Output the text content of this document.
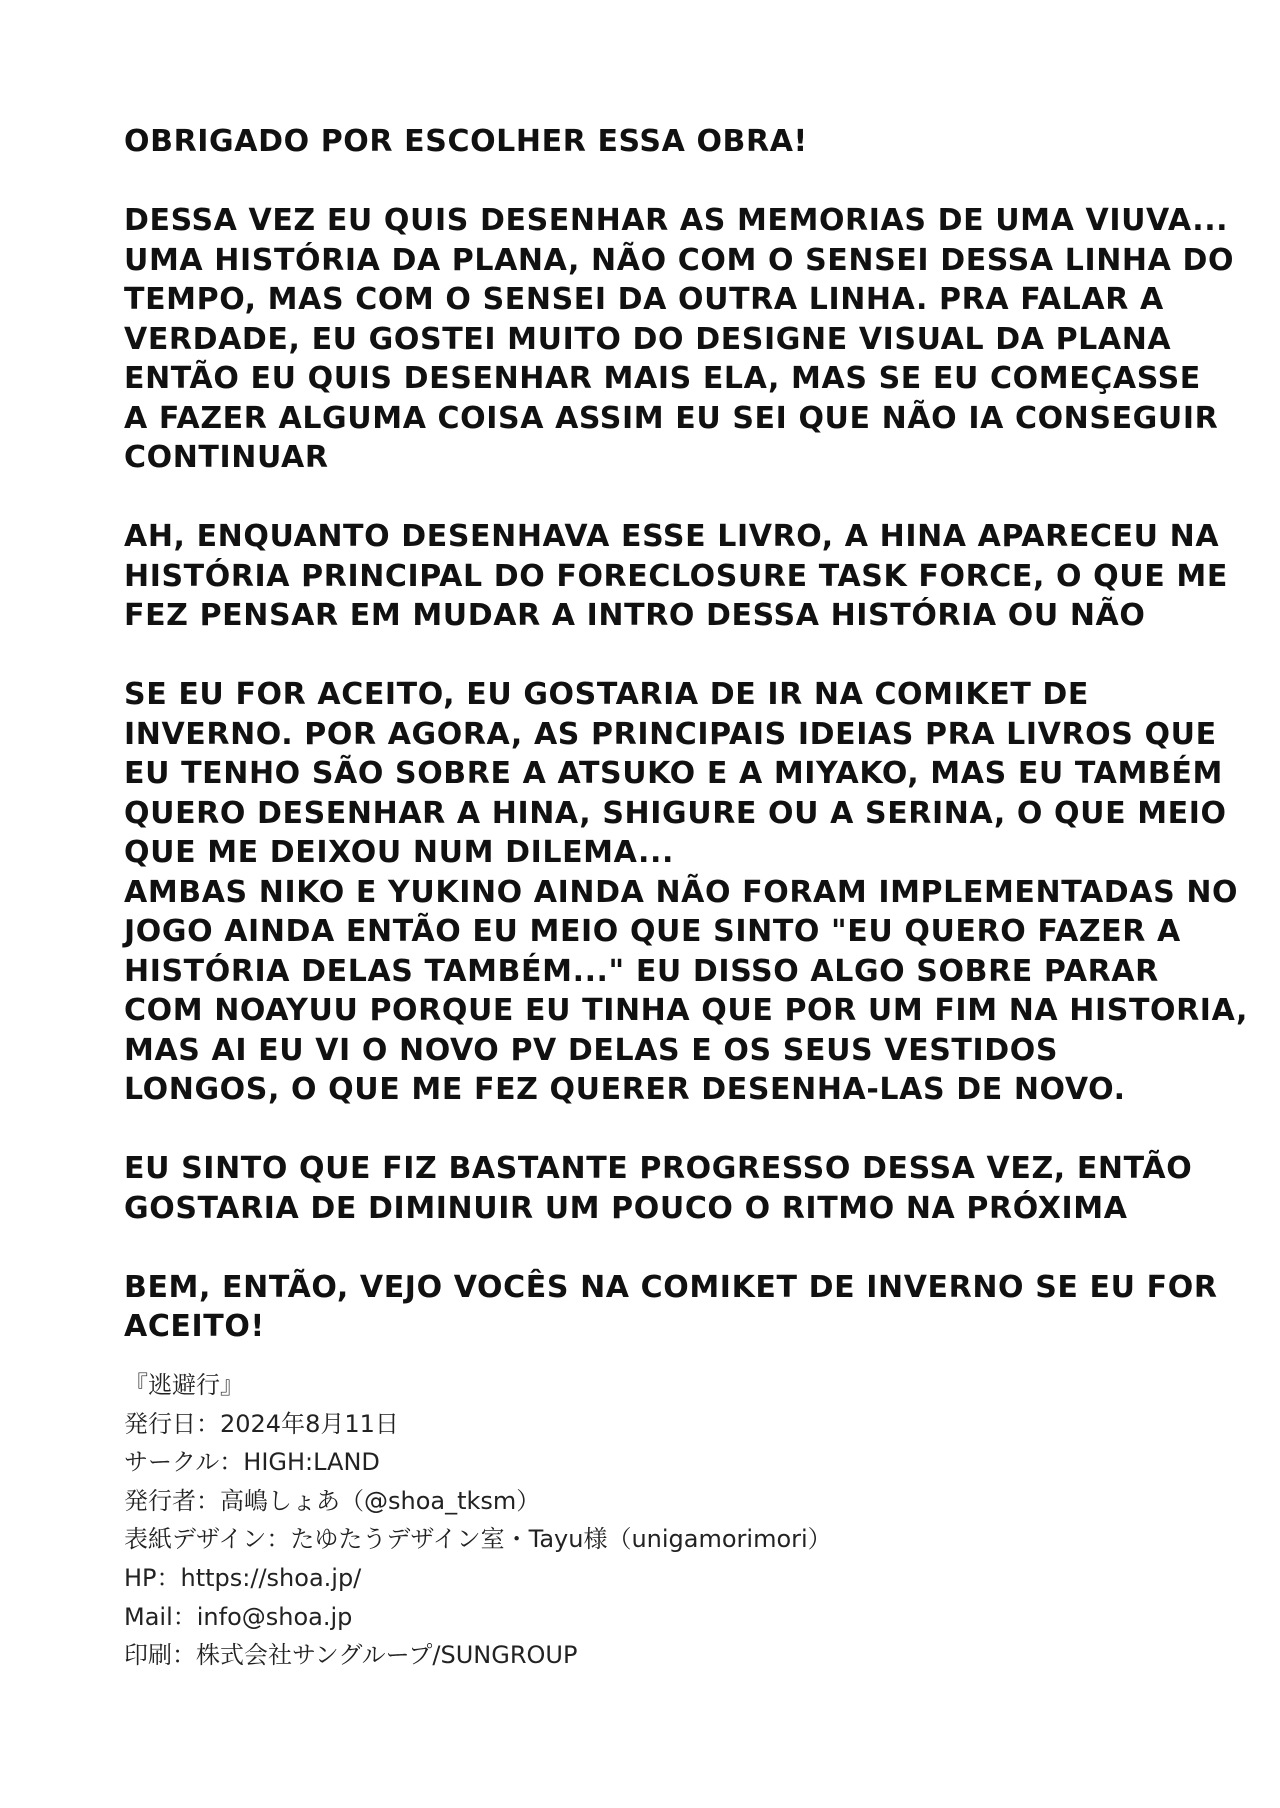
OBRIGADO POR ESCOLHER ESSA OBRA!

DESSA VEZ EU QUIS DESENHAR AS MEMORIAS DE UMA VIUVA...
UMA HISTÓRIA DA PLANA, NÃO COM O SENSEI DESSA LINHA DO
TEMPO, MAS COM O SENSEI DA OUTRA LINHA. PRA FALAR A
VERDADE, EU GOSTEI MUITO DO DESIGNE VISUAL DA PLANA
ENTÃO EU QUIS DESENHAR MAIS ELA, MAS SE EU COMEÇASSE
A FAZER ALGUMA COISA ASSIM EU SEI QUE NÃO IA CONSEGUIR
CONTINUAR

AH, ENQUANTO DESENHAVA ESSE LIVRO, A HINA APARECEU NA
HISTÓRIA PRINCIPAL DO FORECLOSURE TASK FORCE, O QUE ME
FEZ PENSAR EM MUDAR A INTRO DESSA HISTÓRIA OU NÃO

SE EU FOR ACEITO, EU GOSTARIA DE IR NA COMIKET DE
INVERNO. POR AGORA, AS PRINCIPAIS IDEIAS PRA LIVROS QUE
EU TENHO SÃO SOBRE A ATSUKO E A MIYAKO, MAS EU TAMBÉM
QUERO DESENHAR A HINA, SHIGURE OU A SERINA, O QUE MEIO
QUE ME DEIXOU NUM DILEMA...

AMBAS NIKO E YUKINO AINDA NÃO FORAM IMPLEMENTADAS NO
JOGO AINDA ENTÃO EU MEIO QUE SINTO "EU QUERO FAZER A
HISTÓRIA DELAS TAMBÉM..." EU DISSO ALGO SOBRE PARAR
COM NOAYUU PORQUE EU TINHA QUE POR UM FIM NA HISTORIA,
MAS AI EU VI O NOVO PV DELAS E OS SEUS VESTIDOS
LONGOS, O QUE ME FEZ QUERER DESENHA-LAS DE NOVO.

EU SINTO QUE FIZ BASTANTE PROGRESSO DESSA VEZ, ENTÃO
GOSTARIA DE DIMINUIR UM POUCO O RITMO NA PRÓXIMA

BEM, ENTÃO, VEJO VOCÊS NA COMIKET DE INVERNO SE EU FOR
ACEITO!

『逃避行』
発行日：2024年8月11日
サークル：HIGH:LAND
発行者：高嶋しょあ（@shoa_tksm）
表紙デザイン：たゆたうデザイン室・Tayu様（unigamorimori）
HP：https://shoa.jp/
Mail：info@shoa.jp
印刷：株式会社サングループ/SUNGROUP
